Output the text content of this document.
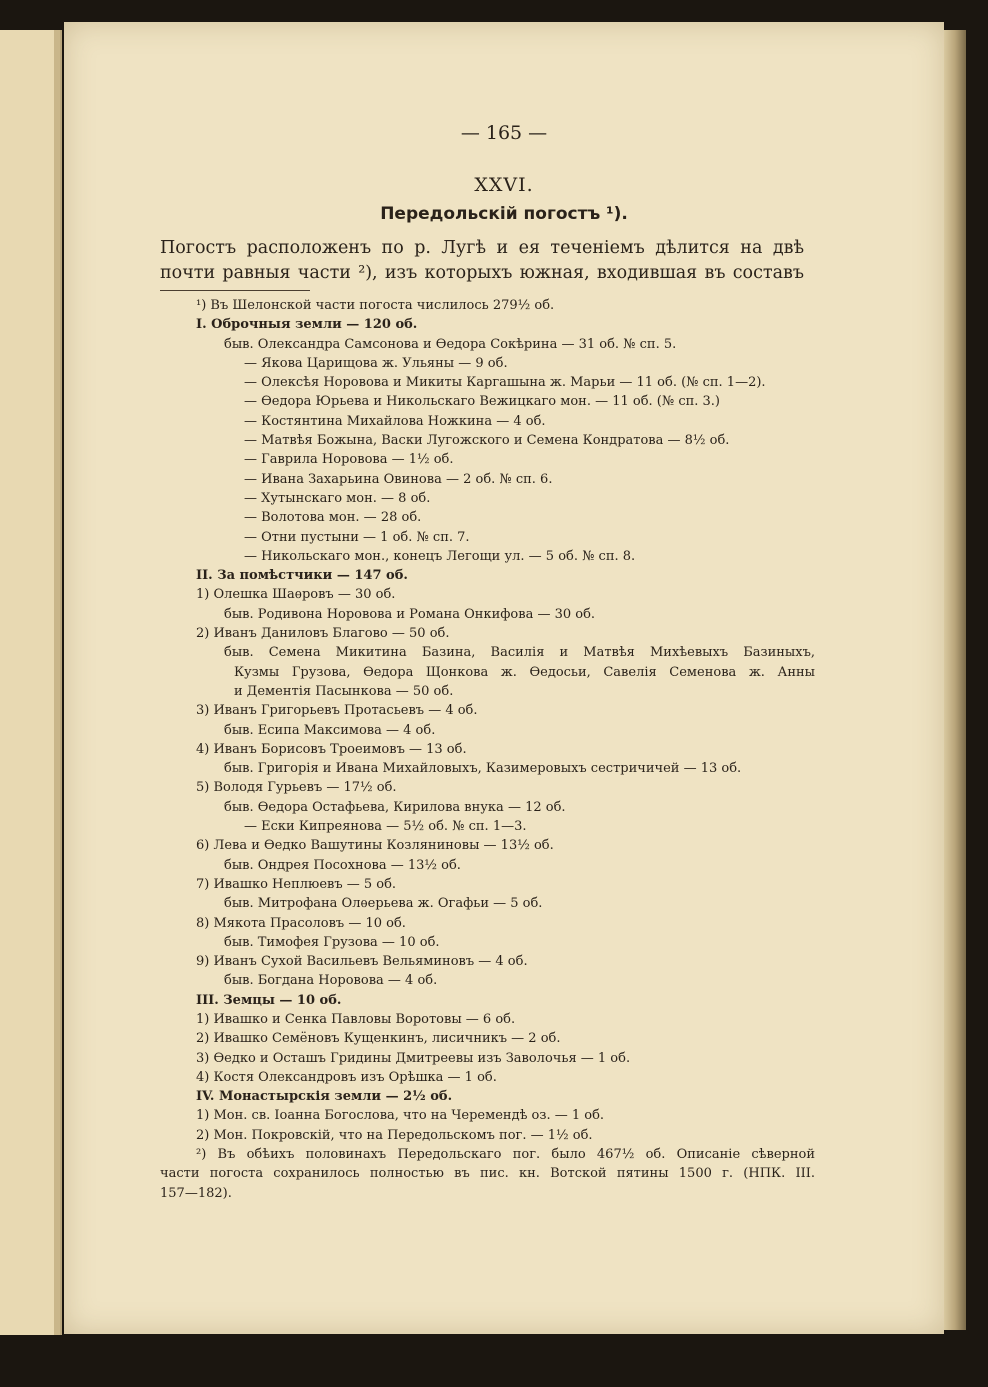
— 165 —
XXVI.
Передольскій погостъ ¹).
Погостъ расположенъ по р. Лугѣ и ея теченіемъ дѣлится на двѣ
почти равныя части ²), изъ которыхъ южная, входившая въ составъ
¹) Въ Шелонской части погоста числилось 279½ об.
I. Оброчныя земли — 120 об.
быв. Олександра Самсонова и Ѳедора Сокѣрина — 31 об. № сп. 5.
— Якова Царищова ж. Ульяны — 9 об.
— Олексѣя Норовова и Микиты Каргашына ж. Марьи — 11 об. (№ сп. 1—2).
— Ѳедора Юрьева и Никольскаго Вежицкаго мон. — 11 об. (№ сп. 3.)
— Костянтина Михайлова Ножкина — 4 об.
— Матвѣя Божына, Васки Лугожского и Семена Кондратова — 8½ об.
— Гаврила Норовова — 1½ об.
— Ивана Захарьина Овинова — 2 об. № сп. 6.
— Хутынскаго мон. — 8 об.
— Волотова мон. — 28 об.
— Отни пустыни — 1 об. № сп. 7.
— Никольскаго мон., конецъ Легощи ул. — 5 об. № сп. 8.
II. За помѣстчики — 147 об.
1) Олешка Шаѳровъ — 30 об.
быв. Родивона Норовова и Романа Онкифова — 30 об.
2) Иванъ Даниловъ Благово — 50 об.
быв. Семена Микитина Базина, Василія и Матвѣя Михѣевыхъ Базиныхъ,
Кузмы Грузова, Ѳедора Щонкова ж. Ѳедосьи, Савелія Семенова ж. Анны
и Дементія Пасынкова — 50 об.
3) Иванъ Григорьевъ Протасьевъ — 4 об.
быв. Есипа Максимова — 4 об.
4) Иванъ Борисовъ Троеимовъ — 13 об.
быв. Григорія и Ивана Михайловыхъ, Казимеровыхъ сестричичей — 13 об.
5) Володя Гурьевъ — 17½ об.
быв. Ѳедора Остафьева, Кирилова внука — 12 об.
— Ески Кипреянова — 5½ об. № сп. 1—3.
6) Лева и Ѳедко Вашутины Козляниновы — 13½ об.
быв. Ондрея Посохнова — 13½ об.
7) Ивашко Неплюевъ — 5 об.
быв. Митрофана Олѳерьева ж. Огафьи — 5 об.
8) Мякота Прасоловъ — 10 об.
быв. Тимофея Грузова — 10 об.
9) Иванъ Сухой Васильевъ Вельяминовъ — 4 об.
быв. Богдана Норовова — 4 об.
III. Земцы — 10 об.
1) Ивашко и Сенка Павловы Воротовы — 6 об.
2) Ивашко Семёновъ Кущенкинъ, лисичникъ — 2 об.
3) Ѳедко и Осташъ Гридины Дмитреевы изъ Заволочья — 1 об.
4) Костя Олександровъ изъ Орѣшка — 1 об.
IV. Монастырскія земли — 2½ об.
1) Мон. св. Іоанна Богослова, что на Черемендѣ оз. — 1 об.
2) Мон. Покровскій, что на Передольскомъ пог. — 1½ об.
²) Въ обѣихъ половинахъ Передольскаго пог. было 467½ об. Описаніе сѣверной
части погоста сохранилось полностью въ пис. кн. Вотской пятины 1500 г. (НПК. III.
157—182).
